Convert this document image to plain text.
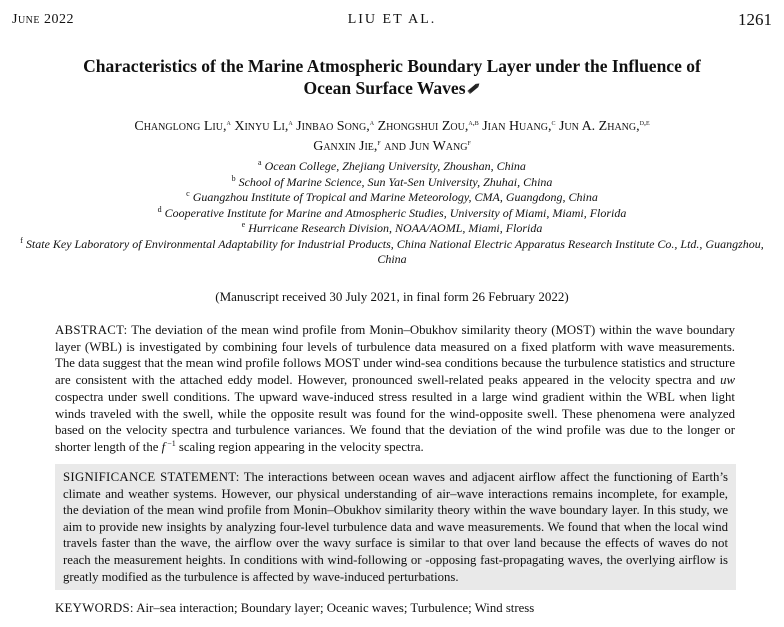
June 2022	LIU ET AL.	1261
Characteristics of the Marine Atmospheric Boundary Layer under the Influence of
Ocean Surface Waves
Changlong Liu,$^a$ Xinyu Li,$^a$ Jinbao Song,$^a$ Zhongshui Zou,$^{a,b}$ Jian Huang,$^c$ Jun A. Zhang,$^{d,e}$
Ganxin Jie,$^f$ and Jun Wang$^f$
$^a$ Ocean College, Zhejiang University, Zhoushan, China
$^b$ School of Marine Science, Sun Yat-Sen University, Zhuhai, China
$^c$ Guangzhou Institute of Tropical and Marine Meteorology, CMA, Guangdong, China
$^d$ Cooperative Institute for Marine and Atmospheric Studies, University of Miami, Miami, Florida
$^e$ Hurricane Research Division, NOAA/AOML, Miami, Florida
$^f$ State Key Laboratory of Environmental Adaptability for Industrial Products, China National Electric Apparatus Research Institute Co., Ltd., Guangzhou, China
(Manuscript received 30 July 2021, in final form 26 February 2022)
ABSTRACT: The deviation of the mean wind profile from Monin–Obukhov similarity theory (MOST) within the wave boundary layer (WBL) is investigated by combining four levels of turbulence data measured on a fixed platform with wave measurements. The data suggest that the mean wind profile follows MOST under wind-sea conditions because the turbulence statistics and structure are consistent with the attached eddy model. However, pronounced swell-related peaks appeared in the velocity spectra and uw cospectra under swell conditions. The upward wave-induced stress resulted in a large wind gradient within the WBL when light winds traveled with the swell, while the opposite result was found for the wind-opposite swell. These phenomena were analyzed based on the velocity spectra and turbulence variances. We found that the deviation of the wind profile was due to the longer or shorter length of the f $^{-1}$ scaling region appearing in the velocity spectra.
SIGNIFICANCE STATEMENT: The interactions between ocean waves and adjacent airflow affect the functioning of Earth’s climate and weather systems. However, our physical understanding of air–wave interactions remains incomplete, for example, the deviation of the mean wind profile from Monin–Obukhov similarity theory within the wave boundary layer. In this study, we aim to provide new insights by analyzing four-level turbulence data and wave measurements. We found that when the local wind travels faster than the wave, the airflow over the wavy surface is similar to that over land because the effects of waves do not reach the measurement heights. In conditions with wind-following or -opposing fast-propagating waves, the overlying airflow is greatly modified as the turbulence is affected by wave-induced perturbations.
KEYWORDS: Air–sea interaction; Boundary layer; Oceanic waves; Turbulence; Wind stress
